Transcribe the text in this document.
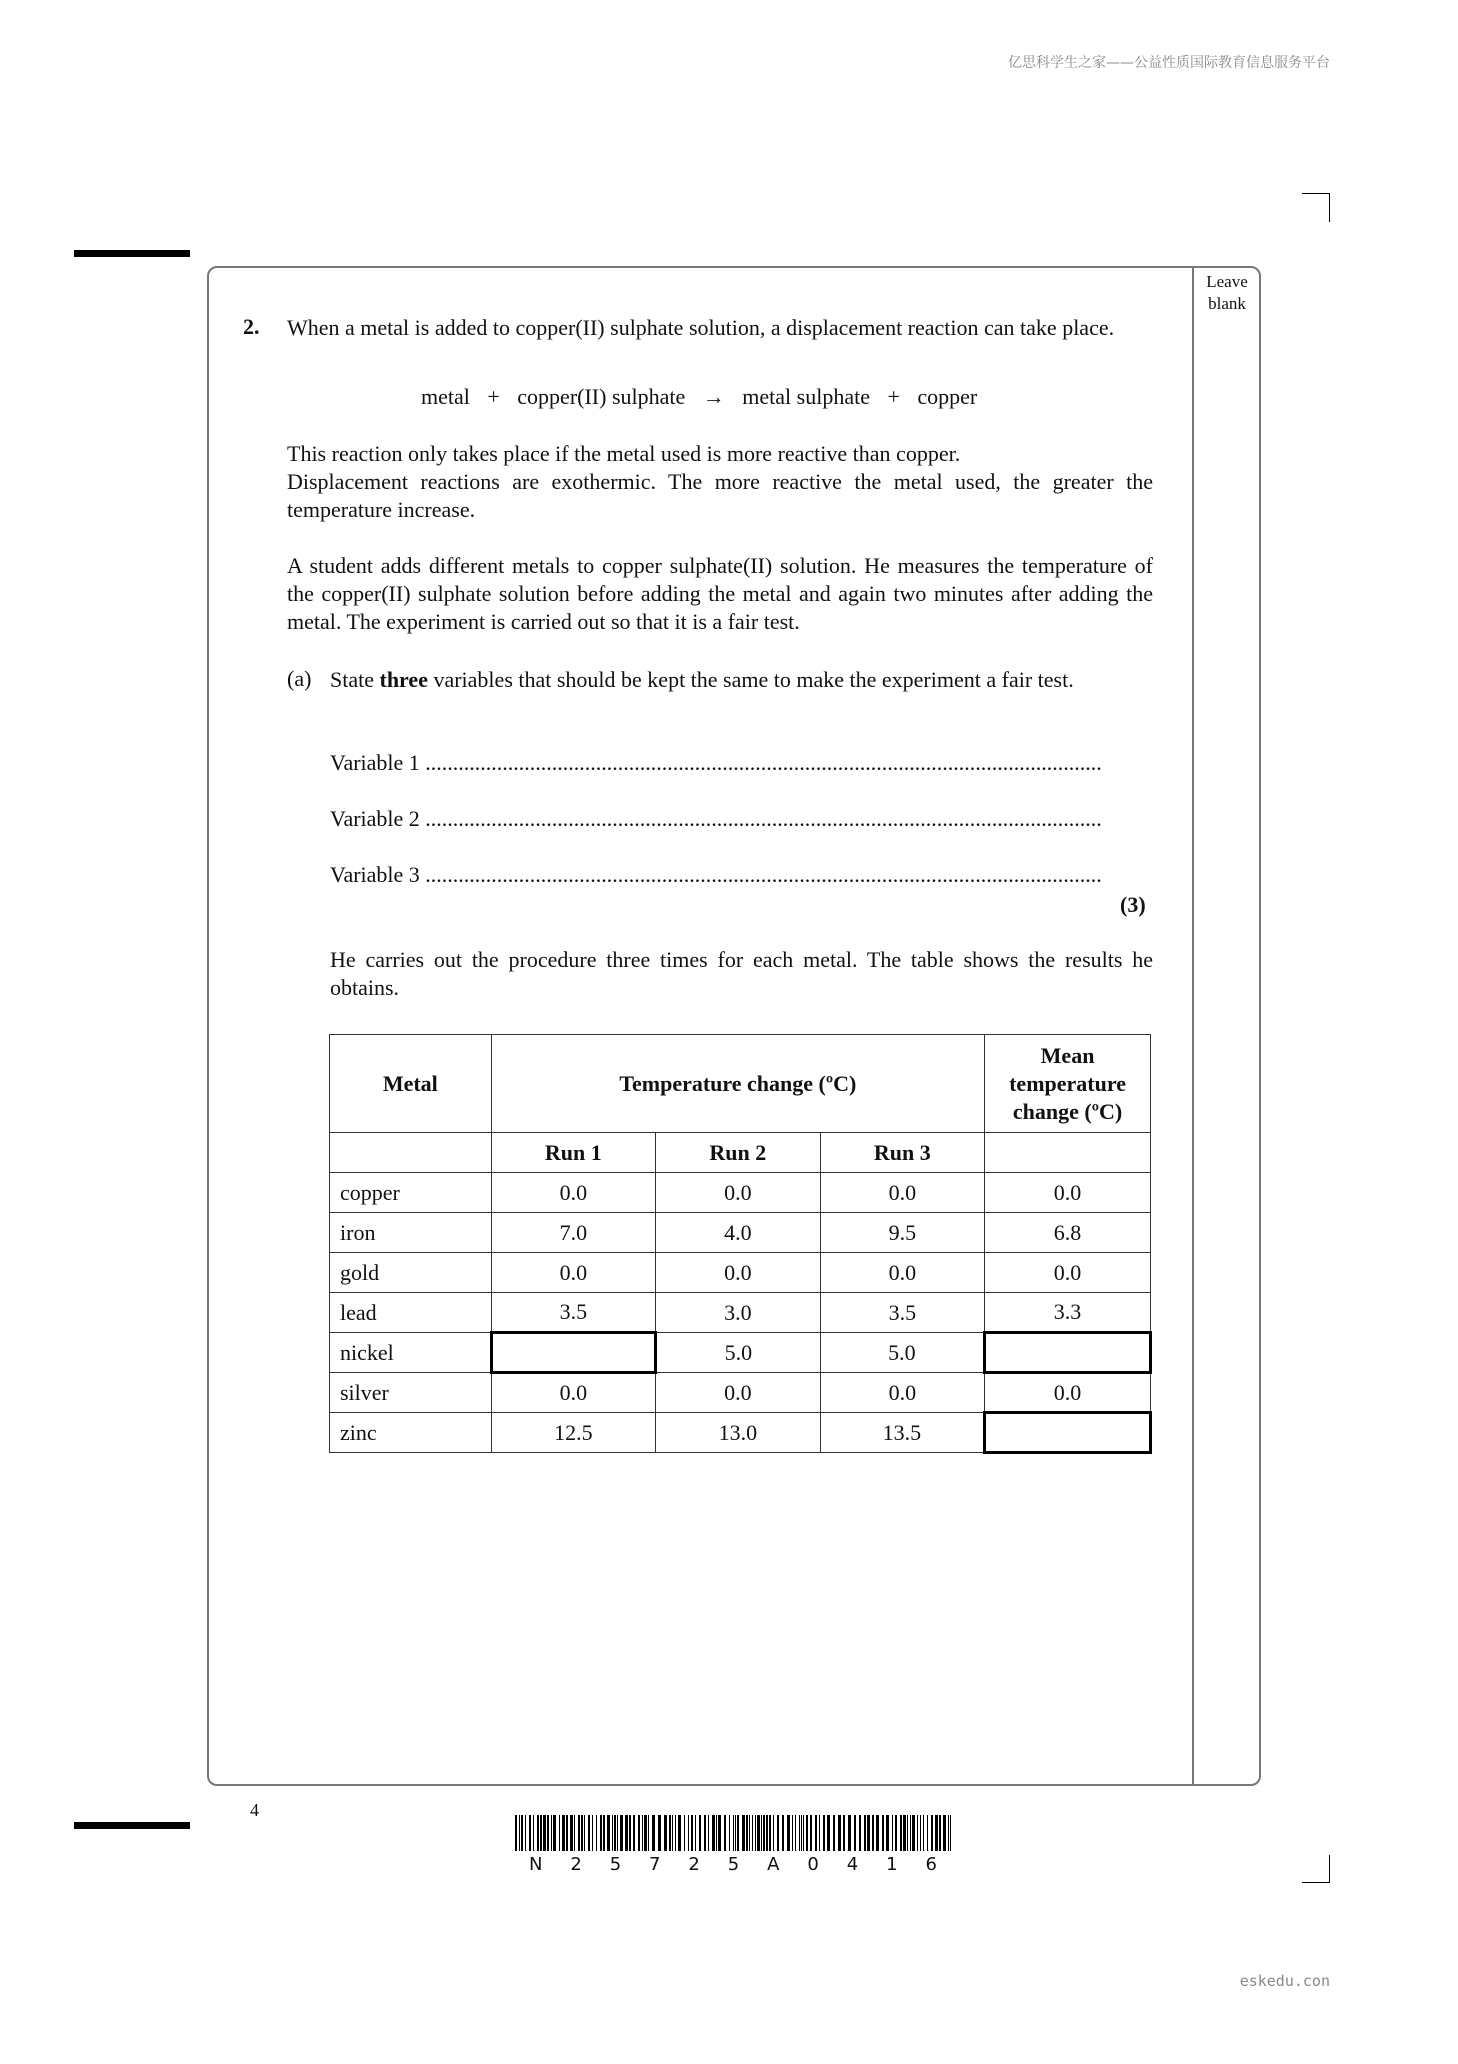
亿思科学生之家——公益性质国际教育信息服务平台
eskedu.con
Leave
blank
2. When a metal is added to copper(II) sulphate solution, a displacement reaction can take place.
metal + copper(II) sulphate → metal sulphate + copper
This reaction only takes place if the metal used is more reactive than copper.
Displacement reactions are exothermic. The more reactive the metal used, the greater the temperature increase.
A student adds different metals to copper sulphate(II) solution. He measures the temperature of the copper(II) sulphate solution before adding the metal and again two minutes after adding the metal. The experiment is carried out so that it is a fair test.
(a) State three variables that should be kept the same to make the experiment a fair test.
Variable 1 ...........................................................................................................................
Variable 2 ...........................................................................................................................
Variable 3 ...........................................................................................................................
(3)
He carries out the procedure three times for each metal. The table shows the results he obtains.
Metal	Temperature change (ºC)			Mean
temperature
change (ºC)

	Run 1	Run 2	Run 3	
copper	0.0	0.0	0.0	0.0
iron	7.0	4.0	9.5	6.8
gold	0.0	0.0	0.0	0.0
lead	3.5	3.0	3.5	3.3
nickel		5.0	5.0	
silver	0.0	0.0	0.0	0.0
zinc	12.5	13.0	13.5	
4
N 2 5 7 2 5 A 0 4 1 6
